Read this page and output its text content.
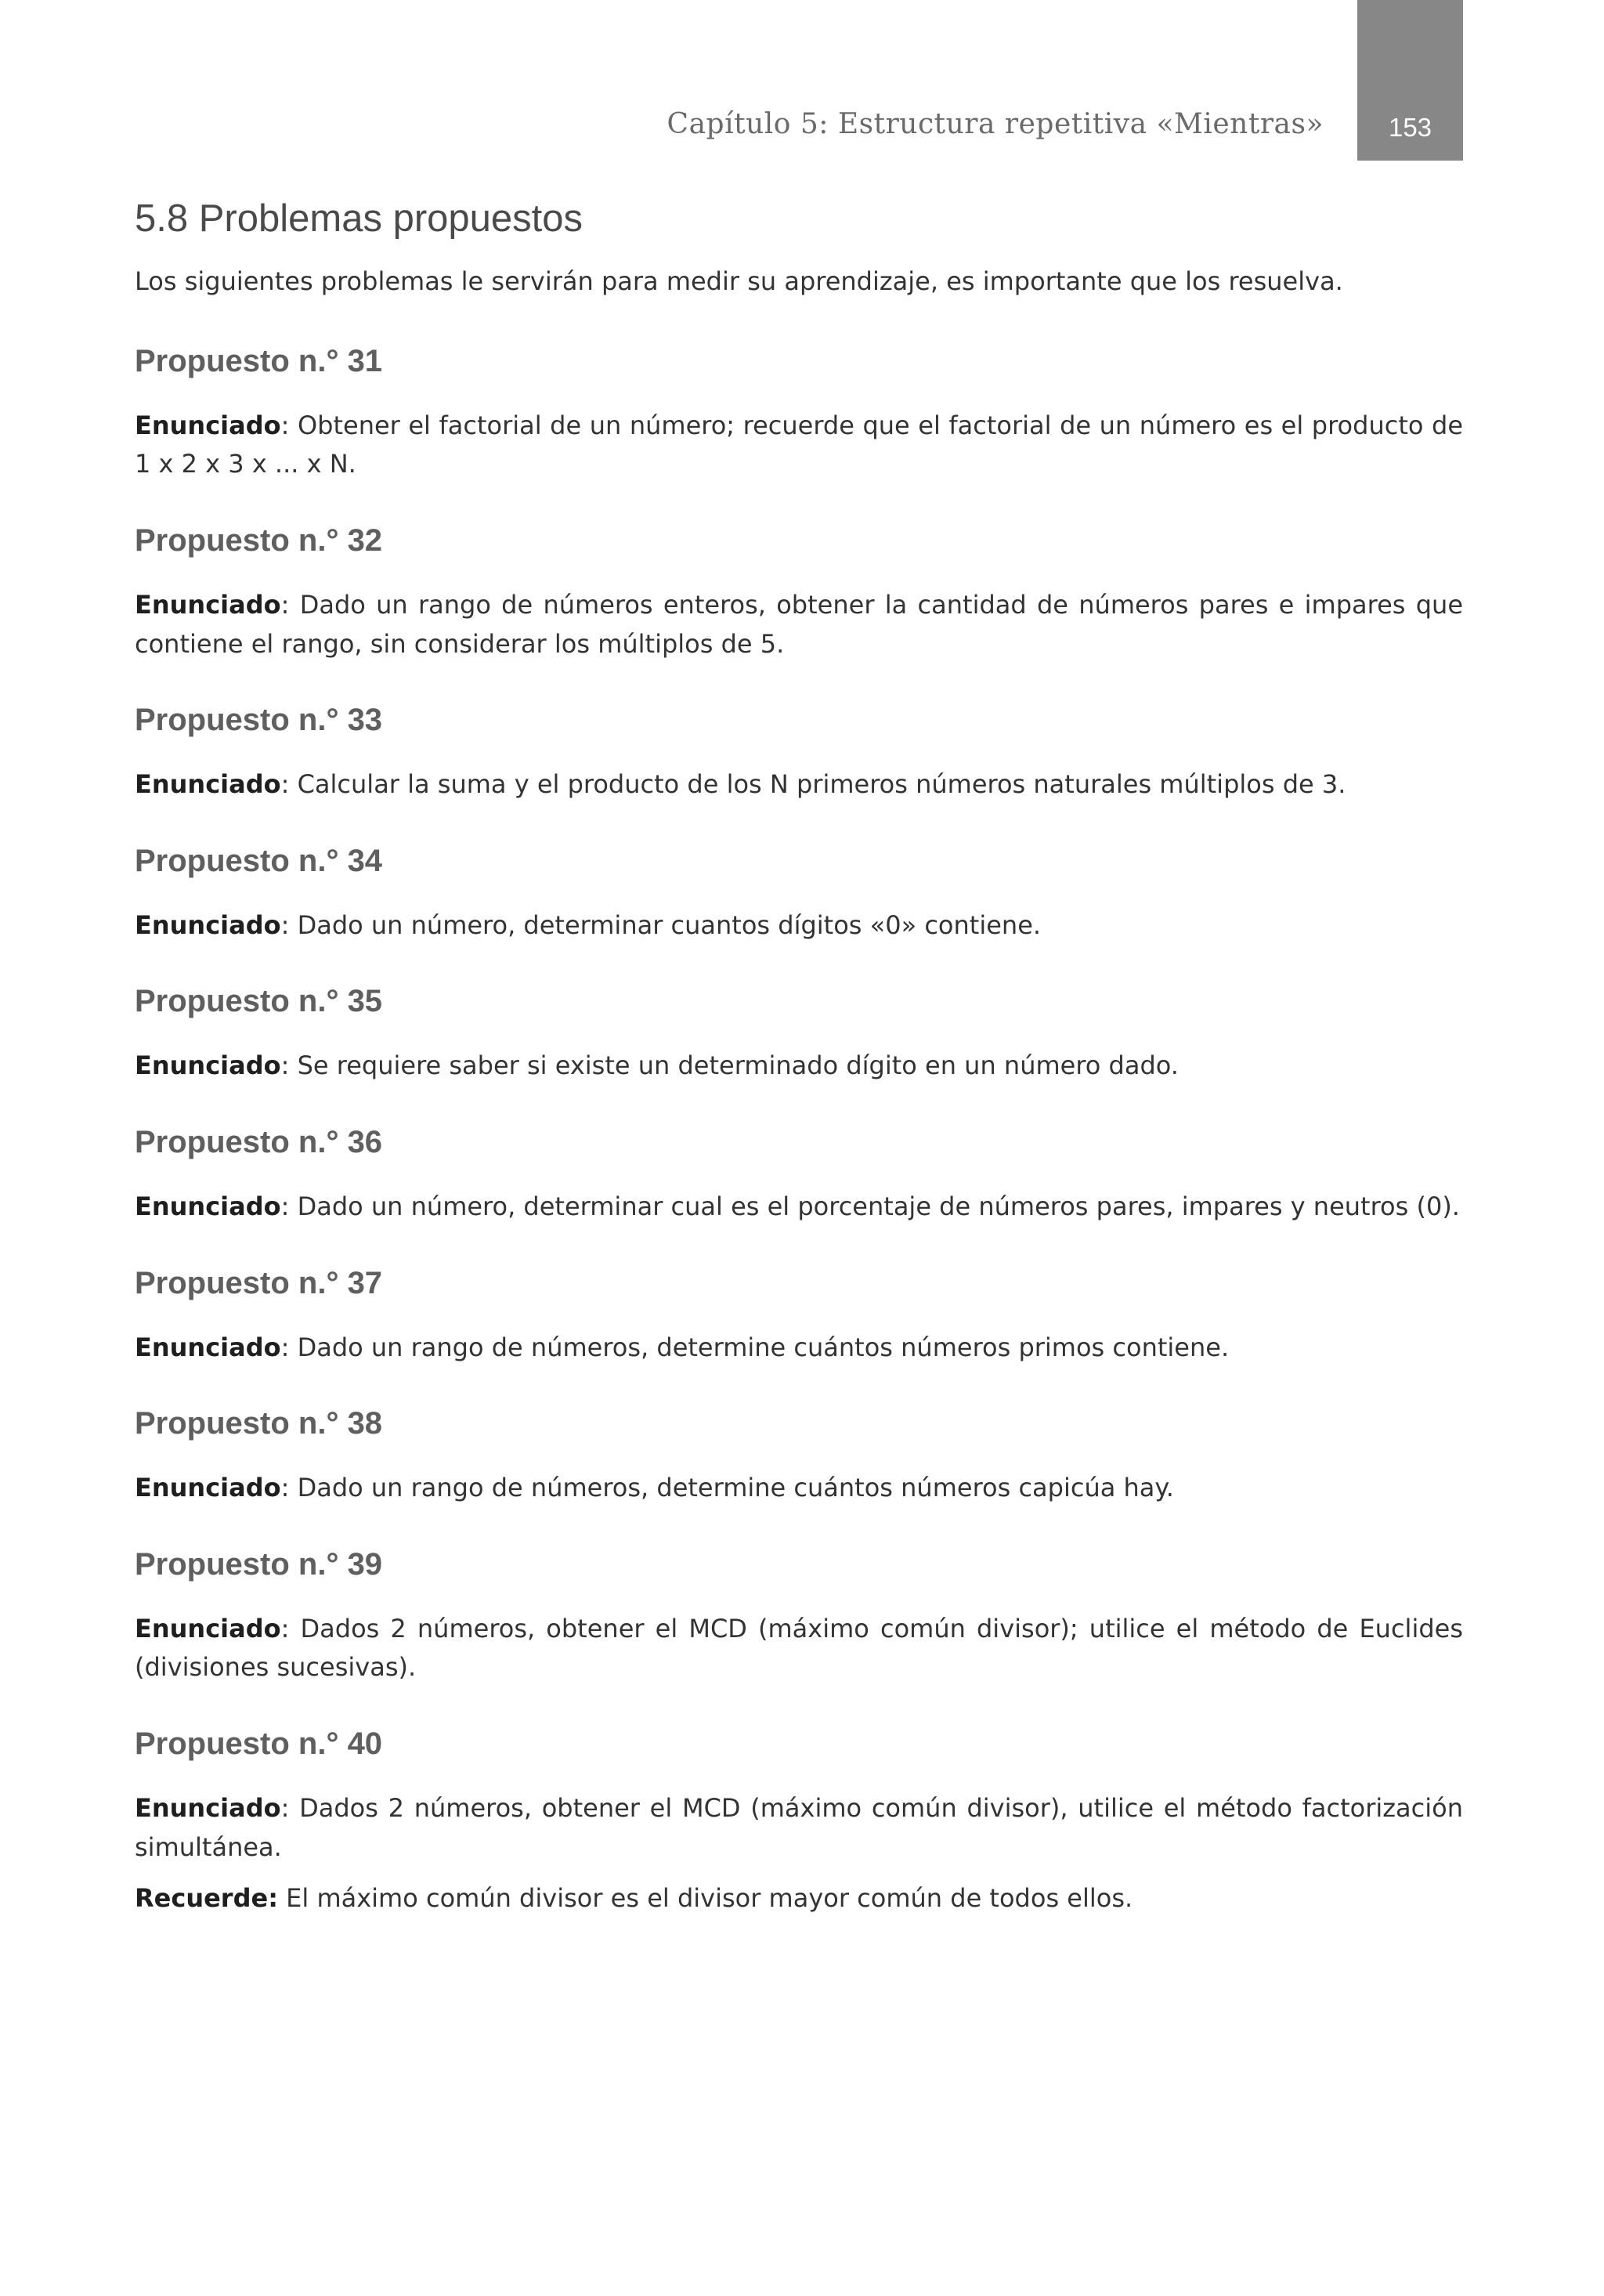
Capítulo 5: Estructura repetitiva «Mientras»	153
5.8 Problemas propuestos

Los siguientes problemas le servirán para medir su aprendizaje, es importante que los resuelva.

Propuesto n.° 31

Enunciado: Obtener el factorial de un número; recuerde que el factorial de un número es el producto de 1 x 2 x 3 x ... x N.

Propuesto n.° 32

Enunciado: Dado un rango de números enteros, obtener la cantidad de números pares e impares que contiene el rango, sin considerar los múltiplos de 5.

Propuesto n.° 33

Enunciado: Calcular la suma y el producto de los N primeros números naturales múltiplos de 3.

Propuesto n.° 34

Enunciado: Dado un número, determinar cuantos dígitos «0» contiene.

Propuesto n.° 35

Enunciado: Se requiere saber si existe un determinado dígito en un número dado.

Propuesto n.° 36

Enunciado: Dado un número, determinar cual es el porcentaje de números pares, impares y neutros (0).

Propuesto n.° 37

Enunciado: Dado un rango de números, determine cuántos números primos contiene.

Propuesto n.° 38

Enunciado: Dado un rango de números, determine cuántos números capicúa hay.

Propuesto n.° 39

Enunciado: Dados 2 números, obtener el MCD (máximo común divisor); utilice el método de Euclides (divisiones sucesivas).

Propuesto n.° 40

Enunciado: Dados 2 números, obtener el MCD (máximo común divisor), utilice el método factorización simultánea.

Recuerde: El máximo común divisor es el divisor mayor común de todos ellos.
